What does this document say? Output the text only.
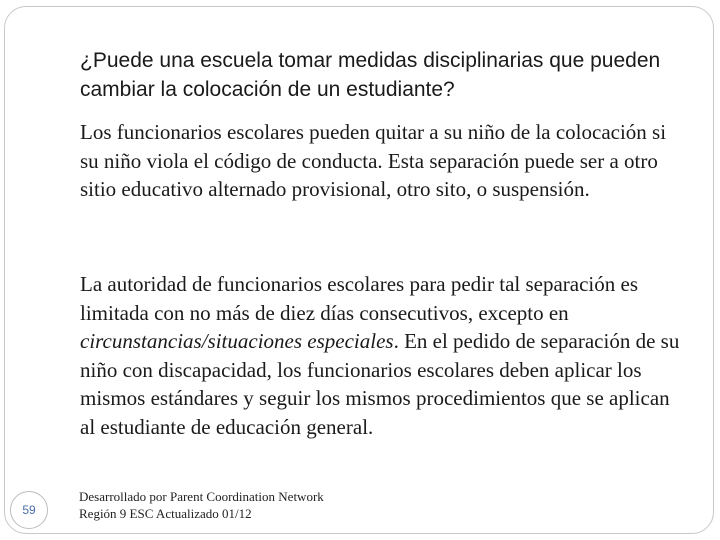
¿Puede una escuela tomar medidas disciplinarias que pueden cambiar la colocación de un estudiante?

Los funcionarios escolares pueden quitar a su niño de la colocación si su niño viola el código de conducta. Esta separación puede ser a otro sitio educativo alternado provisional, otro sito, o suspensión.

La autoridad de funcionarios escolares para pedir tal separación es limitada con no más de diez días consecutivos, excepto en circunstancias/situaciones especiales. En el pedido de separación de su niño con discapacidad, los funcionarios escolares deben aplicar los mismos estándares y seguir los mismos procedimientos que se aplican al estudiante de educación general.

59
Desarrollado por Parent Coordination Network
Región 9 ESC Actualizado 01/12
